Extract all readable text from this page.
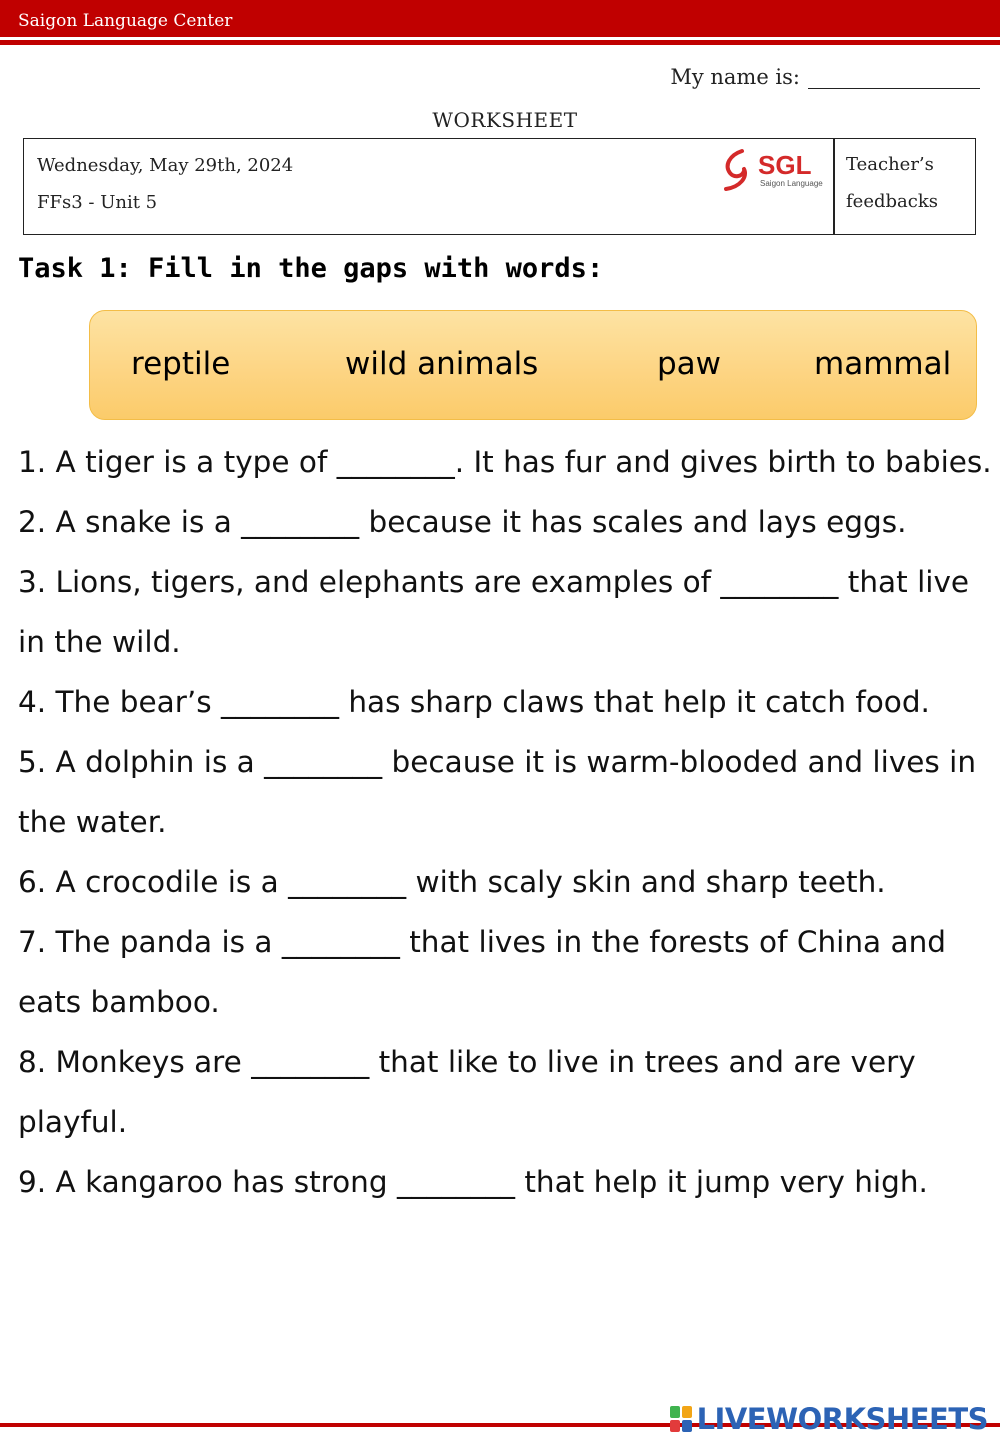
Saigon Language Center
My name is:
WORKSHEET
Wednesday, May 29th, 2024
FFs3 - Unit 5
SGL
Saigon Language
Teacher’s
feedbacks
Task 1: Fill in the gaps with words:
reptile	wild animals	paw	mammal

1. A tiger is a type of ________. It has fur and gives birth to babies.

2. A snake is a ________ because it has scales and lays eggs.

3. Lions, tigers, and elephants are examples of ________ that live in the wild.

4. The bear’s ________ has sharp claws that help it catch food.

5. A dolphin is a ________ because it is warm-blooded and lives in the water.

6. A crocodile is a ________ with scaly skin and sharp teeth.

7. The panda is a ________ that lives in the forests of China and eats bamboo.

8. Monkeys are ________ that like to live in trees and are very playful.

9. A kangaroo has strong ________ that help it jump very high.

LIVEWORKSHEETS
